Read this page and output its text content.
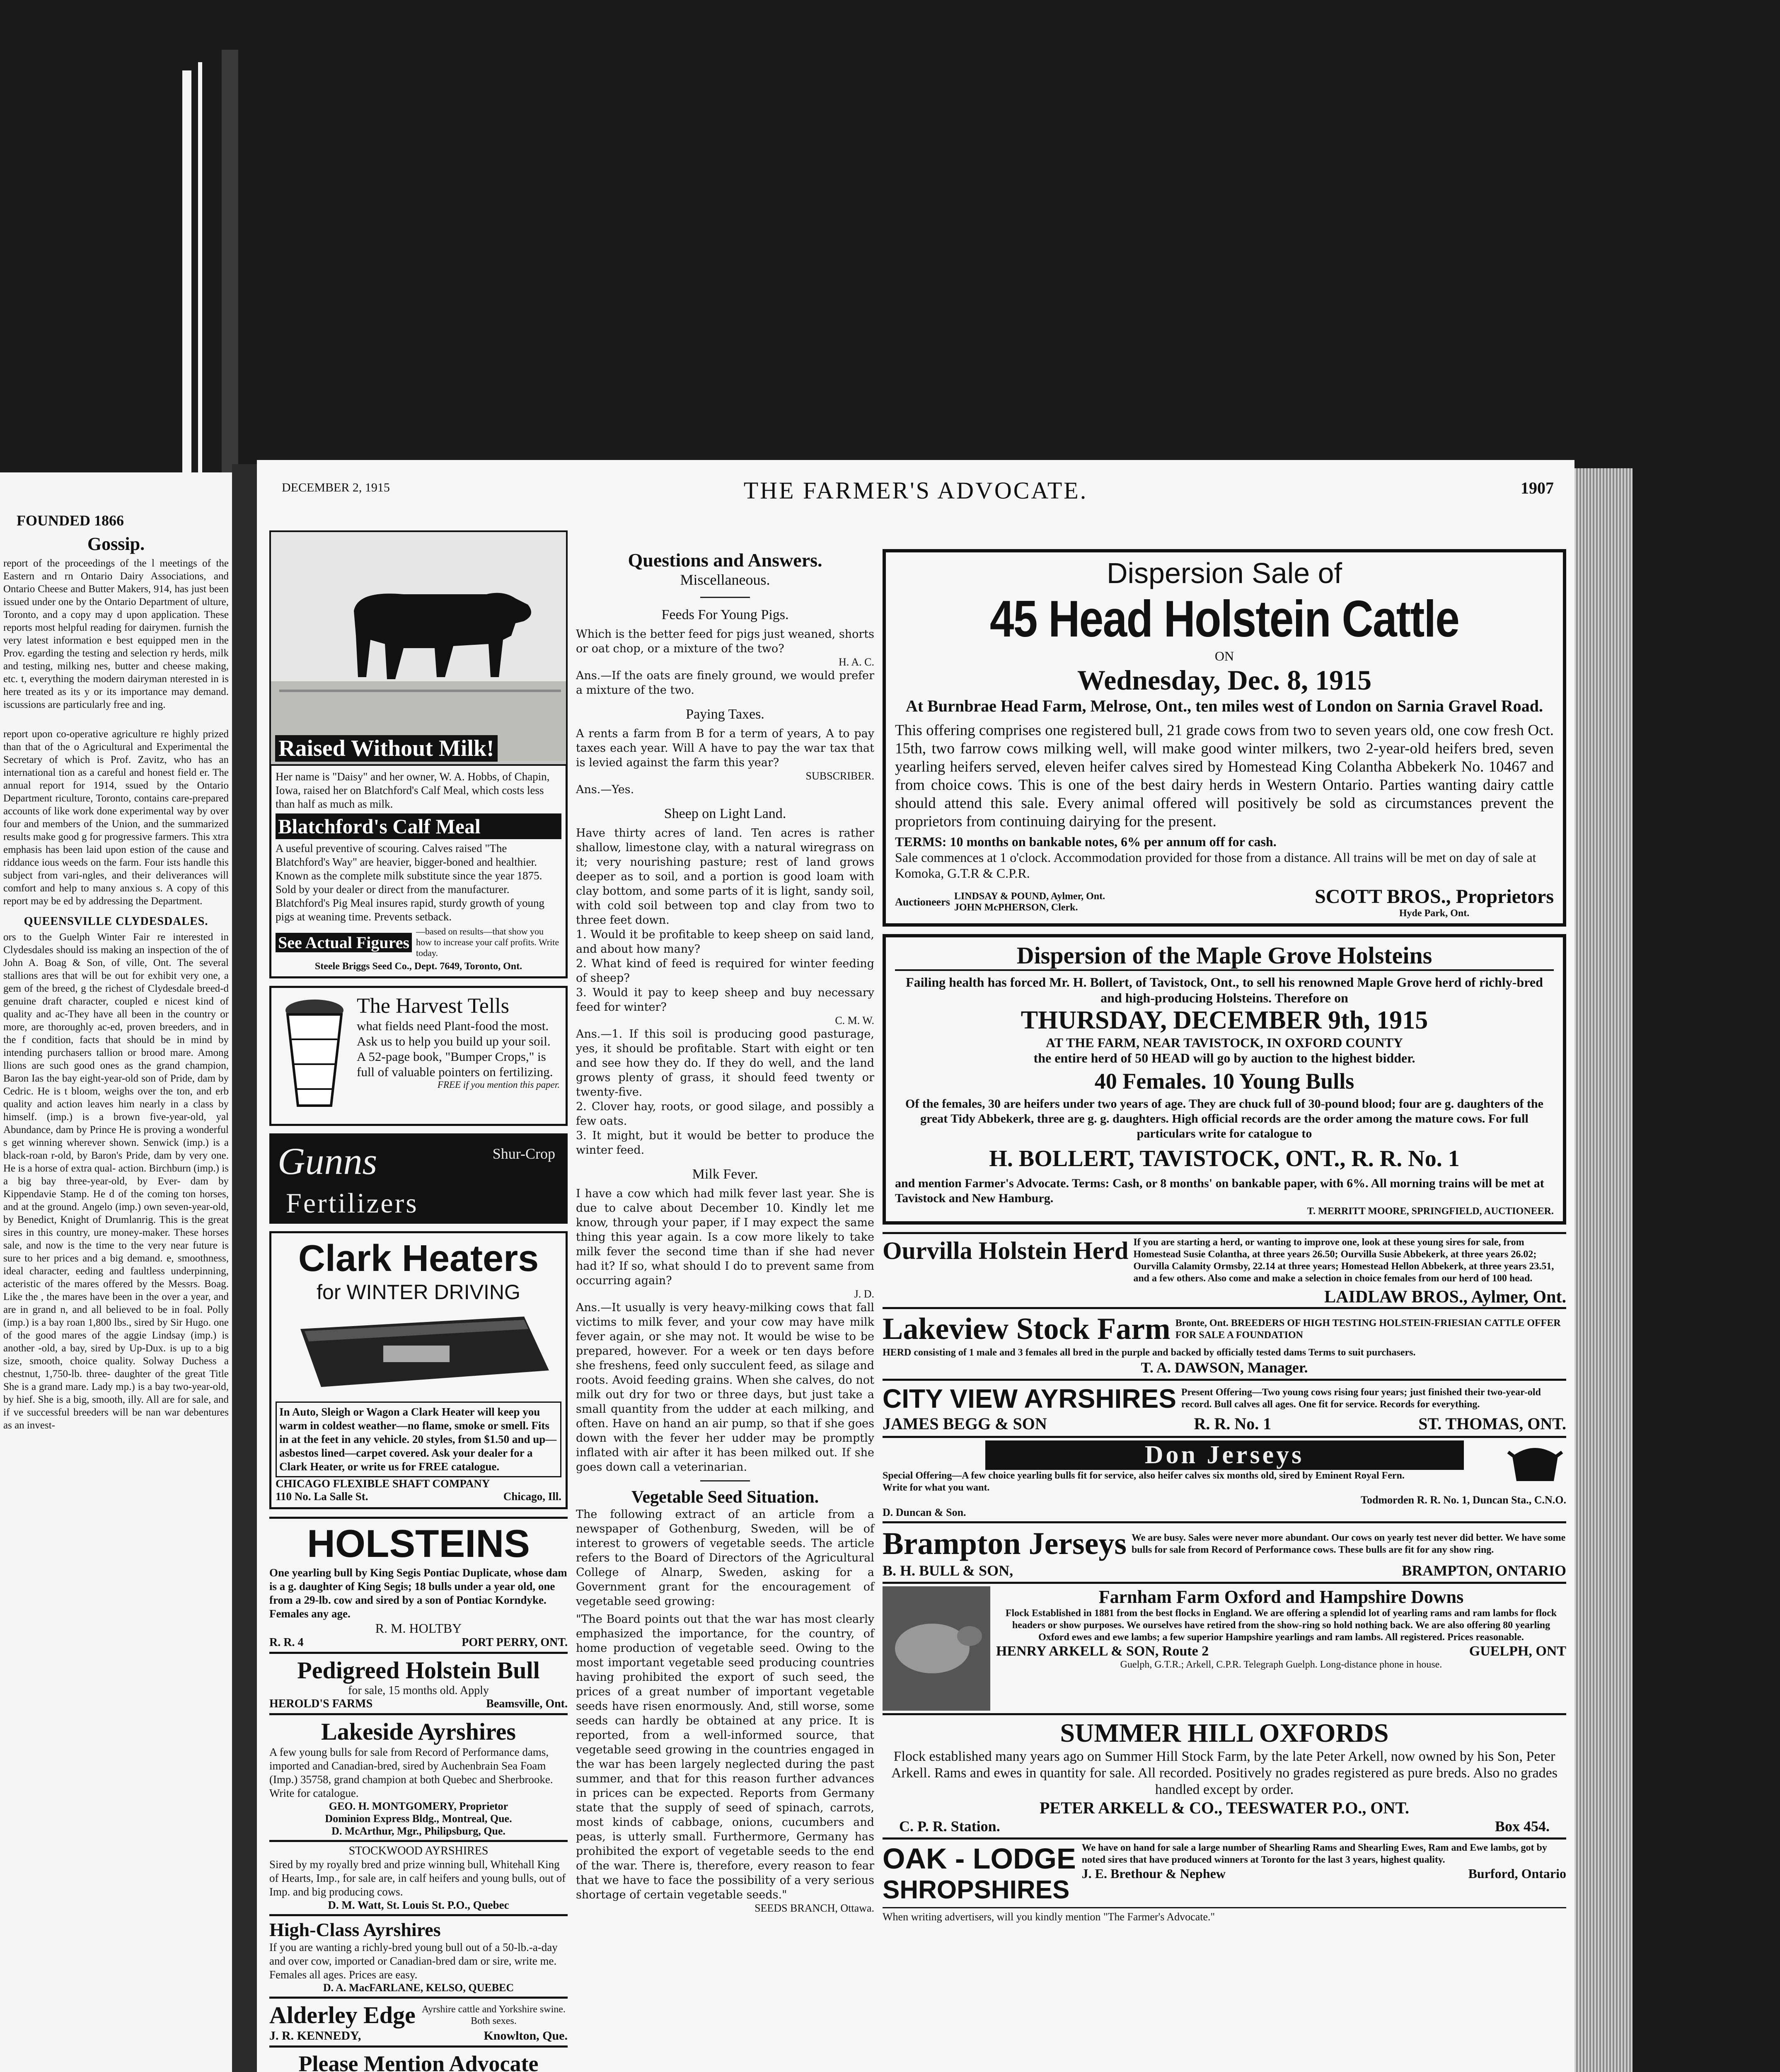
FOUNDED 1866
Gossip.
report of the proceedings of the l meetings of the Eastern and rn Ontario Dairy Associations, and Ontario Cheese and Butter Makers, 914, has just been issued under one by the Ontario Department of ulture, Toronto, and a copy may d upon application. These reports most helpful reading for dairymen. furnish the very latest information e best equipped men in the Prov. egarding the testing and selection ry herds, milk and testing, milking nes, butter and cheese making, etc. t, everything the modern dairyman nterested in is here treated as its y or its importance may demand. iscussions are particularly free and ing.
report upon co-operative agriculture re highly prized than that of the o Agricultural and Experimental the Secretary of which is Prof. Zavitz, who has an international tion as a careful and honest field er. The annual report for 1914, ssued by the Ontario Department riculture, Toronto, contains care-prepared accounts of like work done experimental way by over four and members of the Union, and the summarized results make good g for progressive farmers. This xtra emphasis has been laid upon estion of the cause and riddance ious weeds on the farm. Four ists handle this subject from vari-ngles, and their deliverances will comfort and help to many anxious s. A copy of this report may be ed by addressing the Department.
QUEENSVILLE CLYDESDALES.
ors to the Guelph Winter Fair re interested in Clydesdales should iss making an inspection of the of John A. Boag & Son, of ville, Ont. The several stallions ares that will be out for exhibit very one, a gem of the breed, g the richest of Clydesdale breed-d genuine draft character, coupled e nicest kind of quality and ac-They have all been in the country or more, are thoroughly ac-ed, proven breeders, and in the f condition, facts that should be in mind by intending purchasers tallion or brood mare. Among llions are such good ones as the grand champion, Baron Ias the bay eight-year-old son of Pride, dam by Cedric. He is t bloom, weighs over the ton, and erb quality and action leaves him nearly in a class by himself. (imp.) is a brown five-year-old, yal Abundance, dam by Prince He is proving a wonderful s get winning wherever shown. Senwick (imp.) is a black-roan r-old, by Baron's Pride, dam by very one. He is a horse of extra qual- action. Birchburn (imp.) is a big bay three-year-old, by Ever- dam by Kippendavie Stamp. He d of the coming ton horses, and at the ground. Angelo (imp.) own seven-year-old, by Benedict, Knight of Drumlanrig. This is the great sires in this country, ure money-maker. These horses sale, and now is the time to the very near future is sure to her prices and a big demand. e, smoothness, ideal character, eeding and faultless underpinning, acteristic of the mares offered by the Messrs. Boag. Like the , the mares have been in the over a year, and are in grand n, and all believed to be in foal. Polly (imp.) is a bay roan 1,800 lbs., sired by Sir Hugo. one of the good mares of the aggie Lindsay (imp.) is another -old, a bay, sired by Up-Dux. is up to a big size, smooth, choice quality. Solway Duchess a chestnut, 1,750-lb. three- daughter of the great Title She is a grand mare. Lady mp.) is a bay two-year-old, by hief. She is a big, smooth, illy. All are for sale, and if ve successful breeders will be nan war debentures as an invest-
DECEMBER 2, 1915	THE FARMER'S ADVOCATE.	1907
Raised Without Milk!
Her name is "Daisy" and her owner, W. A. Hobbs, of Chapin, Iowa, raised her on Blatchford's Calf Meal, which costs less than half as much as milk.
Blatchford's Calf Meal
A useful preventive of scouring. Calves raised "The Blatchford's Way" are heavier, bigger-boned and healthier. Known as the complete milk substitute since the year 1875. Sold by your dealer or direct from the manufacturer. Blatchford's Pig Meal insures rapid, sturdy growth of young pigs at weaning time. Prevents setback.
See Actual Figures
—based on results—that show you how to increase your calf profits. Write today.
Steele Briggs Seed Co., Dept. 7649, Toronto, Ont.
The Harvest Tells
what fields need Plant-food the most. Ask us to help you build up your soil. A 52-page book, "Bumper Crops," is full of valuable pointers on fertilizing.
FREE if you mention this paper.
Gunns	Shur-Crop
Fertilizers
Clark Heaters
for WINTER DRIVING
In Auto, Sleigh or Wagon a Clark Heater will keep you warm in coldest weather—no flame, smoke or smell. Fits in at the feet in any vehicle. 20 styles, from $1.50 and up—asbestos lined—carpet covered. Ask your dealer for a Clark Heater, or write us for FREE catalogue.
CHICAGO FLEXIBLE SHAFT COMPANY
110 No. La Salle St.	Chicago, Ill.
HOLSTEINS
One yearling bull by King Segis Pontiac Duplicate, whose dam is a g. daughter of King Segis; 18 bulls under a year old, one from a 29-lb. cow and sired by a son of Pontiac Korndyke. Females any age.
R. M. HOLTBY
R. R. 4	PORT PERRY, ONT.
Pedigreed Holstein Bull
for sale, 15 months old. Apply
HEROLD'S FARMS	Beamsville, Ont.
Lakeside Ayrshires
A few young bulls for sale from Record of Performance dams, imported and Canadian-bred, sired by Auchenbrain Sea Foam (Imp.) 35758, grand champion at both Quebec and Sherbrooke. Write for catalogue.
GEO. H. MONTGOMERY, Proprietor
Dominion Express Bldg., Montreal, Que.
D. McArthur, Mgr., Philipsburg, Que.
STOCKWOOD AYRSHIRES
Sired by my royally bred and prize winning bull, Whitehall King of Hearts, Imp., for sale are, in calf heifers and young bulls, out of Imp. and big producing cows.
D. M. Watt, St. Louis St. P.O., Quebec
High-Class Ayrshires
If you are wanting a richly-bred young bull out of a 50-lb.-a-day and over cow, imported or Canadian-bred dam or sire, write me. Females all ages. Prices are easy.
D. A. MacFARLANE, KELSO, QUEBEC
Alderley Edge Ayrshire cattle and Yorkshire swine. Both sexes.
J. R. KENNEDY,	Knowlton, Que.
Please Mention Advocate
Questions and Answers.
Miscellaneous.
Feeds For Young Pigs.
Which is the better feed for pigs just weaned, shorts or oat chop, or a mixture of the two?
H. A. C.
Ans.—If the oats are finely ground, we would prefer a mixture of the two.
Paying Taxes.
A rents a farm from B for a term of years, A to pay taxes each year. Will A have to pay the war tax that is levied against the farm this year?
SUBSCRIBER.
Ans.—Yes.
Sheep on Light Land.
Have thirty acres of land. Ten acres is rather shallow, limestone clay, with a natural wiregrass on it; very nourishing pasture; rest of land grows deeper as to soil, and a portion is good loam with clay bottom, and some parts of it is light, sandy soil, with cold soil between top and clay from two to three feet down.
1. Would it be profitable to keep sheep on said land, and about how many?
2. What kind of feed is required for winter feeding of sheep?
3. Would it pay to keep sheep and buy necessary feed for winter?
C. M. W.
Ans.—1. If this soil is producing good pasturage, yes, it should be profitable. Start with eight or ten and see how they do. If they do well, and the land grows plenty of grass, it should feed twenty or twenty-five.
2. Clover hay, roots, or good silage, and possibly a few oats.
3. It might, but it would be better to produce the winter feed.
Milk Fever.
I have a cow which had milk fever last year. She is due to calve about December 10. Kindly let me know, through your paper, if I may expect the same thing this year again. Is a cow more likely to take milk fever the second time than if she had never had it? If so, what should I do to prevent same from occurring again?
J. D.
Ans.—It usually is very heavy-milking cows that fall victims to milk fever, and your cow may have milk fever again, or she may not. It would be wise to be prepared, however. For a week or ten days before she freshens, feed only succulent feed, as silage and roots. Avoid feeding grains. When she calves, do not milk out dry for two or three days, but just take a small quantity from the udder at each milking, and often. Have on hand an air pump, so that if she goes down with the fever her udder may be promptly inflated with air after it has been milked out. If she goes down call a veterinarian.
Vegetable Seed Situation.
The following extract of an article from a newspaper of Gothenburg, Sweden, will be of interest to growers of vegetable seeds. The article refers to the Board of Directors of the Agricultural College of Alnarp, Sweden, asking for a Government grant for the encouragement of vegetable seed growing:
"The Board points out that the war has most clearly emphasized the importance, for the country, of home production of vegetable seed. Owing to the most important vegetable seed producing countries having prohibited the export of such seed, the prices of a great number of important vegetable seeds have risen enormously. And, still worse, some seeds can hardly be obtained at any price. It is reported, from a well-informed source, that vegetable seed growing in the countries engaged in the war has been largely neglected during the past summer, and that for this reason further advances in prices can be expected. Reports from Germany state that the supply of seed of spinach, carrots, most kinds of cabbage, onions, cucumbers and peas, is utterly small. Furthermore, Germany has prohibited the export of vegetable seeds to the end of the war. There is, therefore, every reason to fear that we have to face the possibility of a very serious shortage of certain vegetable seeds."
SEEDS BRANCH, Ottawa.
Dispersion Sale of
45 Head Holstein Cattle
ON
Wednesday, Dec. 8, 1915
At Burnbrae Head Farm, Melrose, Ont., ten miles west of London on Sarnia Gravel Road.
This offering comprises one registered bull, 21 grade cows from two to seven years old, one cow fresh Oct. 15th, two farrow cows milking well, will make good winter milkers, two 2-year-old heifers bred, seven yearling heifers served, eleven heifer calves sired by Homestead King Colantha Abbekerk No. 10467 and from choice cows. This is one of the best dairy herds in Western Ontario. Parties wanting dairy cattle should attend this sale. Every animal offered will positively be sold as circumstances prevent the proprietors from continuing dairying for the present.
TERMS: 10 months on bankable notes, 6% per annum off for cash.
Sale commences at 1 o'clock. Accommodation provided for those from a distance. All trains will be met on day of sale at Komoka, G.T.R & C.P.R.
Auctioneers LINDSAY & POUND, Aylmer, Ont.
JOHN McPHERSON, Clerk.	SCOTT BROS., Proprietors
Hyde Park, Ont.
Dispersion of the Maple Grove Holsteins
Failing health has forced Mr. H. Bollert, of Tavistock, Ont., to sell his renowned Maple Grove herd of richly-bred and high-producing Holsteins. Therefore on
THURSDAY, DECEMBER 9th, 1915
AT THE FARM, NEAR TAVISTOCK, IN OXFORD COUNTY
the entire herd of 50 HEAD will go by auction to the highest bidder.
40 Females. 10 Young Bulls
Of the females, 30 are heifers under two years of age. They are chuck full of 30-pound blood; four are g. daughters of the great Tidy Abbekerk, three are g. g. daughters. High official records are the order among the mature cows. For full particulars write for catalogue to
H. BOLLERT, TAVISTOCK, ONT., R. R. No. 1
and mention Farmer's Advocate. Terms: Cash, or 8 months' on bankable paper, with 6%. All morning trains will be met at Tavistock and New Hamburg.
T. MERRITT MOORE, SPRINGFIELD, AUCTIONEER.
Ourvilla Holstein Herd If you are starting a herd, or wanting to improve one, look at these young sires for sale, from Homestead Susie Colantha, at three years 26.50; Ourvilla Susie Abbekerk, at three years 26.02; Ourvilla Calamity Ormsby, 22.14 at three years; Homestead Hellon Abbekerk, at three years 23.51, and a few others. Also come and make a selection in choice females from our herd of 100 head.
LAIDLAW BROS., Aylmer, Ont.
Lakeview Stock Farm Bronte, Ont. BREEDERS OF HIGH TESTING HOLSTEIN-FRIESIAN CATTLE OFFER FOR SALE A FOUNDATION
HERD consisting of 1 male and 3 females all bred in the purple and backed by officially tested dams Terms to suit purchasers.
T. A. DAWSON, Manager.
CITY VIEW AYRSHIRES Present Offering—Two young cows rising four years; just finished their two-year-old record. Bull calves all ages. One fit for service. Records for everything.
JAMES BEGG & SON	R. R. No. 1	ST. THOMAS, ONT.
Don Jerseys
Special Offering—A few choice yearling bulls fit for service, also heifer calves six months old, sired by Eminent Royal Fern. Write for what you want.
Todmorden R. R. No. 1, Duncan Sta., C.N.O.
D. Duncan & Son.
Brampton Jerseys We are busy. Sales were never more abundant. Our cows on yearly test never did better. We have some bulls for sale from Record of Performance cows. These bulls are fit for any show ring.
B. H. BULL & SON,	BRAMPTON, ONTARIO
Farnham Farm Oxford and Hampshire Downs
Flock Established in 1881 from the best flocks in England. We are offering a splendid lot of yearling rams and ram lambs for flock headers or show purposes. We ourselves have retired from the show-ring so hold nothing back. We are also offering 80 yearling Oxford ewes and ewe lambs; a few superior Hampshire yearlings and ram lambs. All registered. Prices reasonable.
HENRY ARKELL & SON, Route 2	GUELPH, ONT
Guelph, G.T.R.; Arkell, C.P.R. Telegraph Guelph. Long-distance phone in house.
SUMMER HILL OXFORDS
Flock established many years ago on Summer Hill Stock Farm, by the late Peter Arkell, now owned by his Son, Peter Arkell. Rams and ewes in quantity for sale. All recorded. Positively no grades registered as pure breds. Also no grades handled except by order.
PETER ARKELL & CO., TEESWATER P.O., ONT.
C. P. R. Station.	Box 454.
OAK - LODGE
SHROPSHIRES
We have on hand for sale a large number of Shearling Rams and Shearling Ewes, Ram and Ewe lambs, got by noted sires that have produced winners at Toronto for the last 3 years, highest quality.
J. E. Brethour & Nephew	Burford, Ontario
When writing advertisers, will you kindly mention "The Farmer's Advocate."
